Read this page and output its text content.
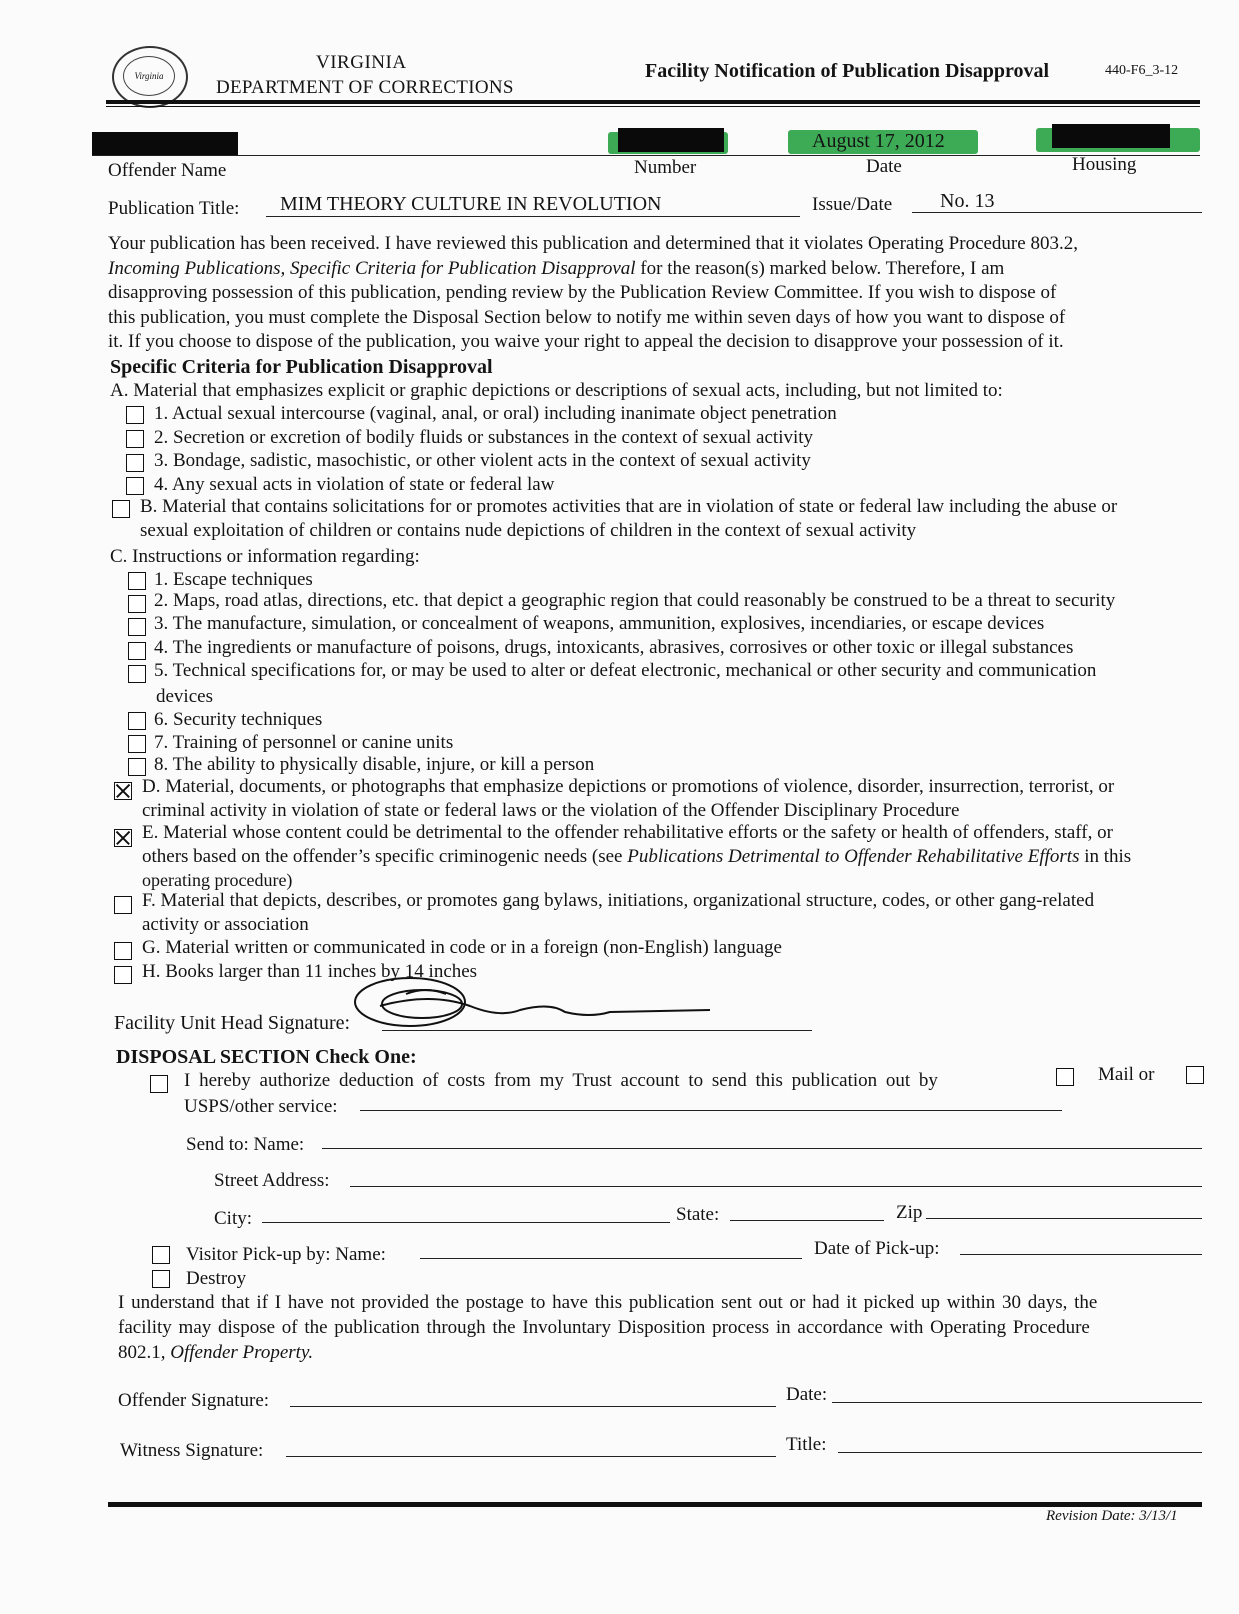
Virginia
VIRGINIA
DEPARTMENT OF CORRECTIONS
Facility Notification of Publication Disapproval	440-F6_3-12
August 17, 2012
Offender Name	Number	Date	Housing
Publication Title: MIM THEORY CULTURE IN REVOLUTION	Issue/Date No. 13

Your publication has been received. I have reviewed this publication and determined that it violates Operating Procedure 803.2,

Incoming Publications, Specific Criteria for Publication Disapproval for the reason(s) marked below. Therefore, I am

disapproving possession of this publication, pending review by the Publication Review Committee. If you wish to dispose of

this publication, you must complete the Disposal Section below to notify me within seven days of how you want to dispose of

it. If you choose to dispose of the publication, you waive your right to appeal the decision to disapprove your possession of it.

Specific Criteria for Publication Disapproval
A. Material that emphasizes explicit or graphic depictions or descriptions of sexual acts, including, but not limited to:
1. Actual sexual intercourse (vaginal, anal, or oral) including inanimate object penetration
2. Secretion or excretion of bodily fluids or substances in the context of sexual activity
3. Bondage, sadistic, masochistic, or other violent acts in the context of sexual activity
4. Any sexual acts in violation of state or federal law
B. Material that contains solicitations for or promotes activities that are in violation of state or federal law including the abuse or
sexual exploitation of children or contains nude depictions of children in the context of sexual activity
C. Instructions or information regarding:
1. Escape techniques
2. Maps, road atlas, directions, etc. that depict a geographic region that could reasonably be construed to be a threat to security
3. The manufacture, simulation, or concealment of weapons, ammunition, explosives, incendiaries, or escape devices
4. The ingredients or manufacture of poisons, drugs, intoxicants, abrasives, corrosives or other toxic or illegal substances
5. Technical specifications for, or may be used to alter or defeat electronic, mechanical or other security and communication
devices
6. Security techniques
7. Training of personnel or canine units
8. The ability to physically disable, injure, or kill a person
D. Material, documents, or photographs that emphasize depictions or promotions of violence, disorder, insurrection, terrorist, or
criminal activity in violation of state or federal laws or the violation of the Offender Disciplinary Procedure
E. Material whose content could be detrimental to the offender rehabilitative efforts or the safety or health of offenders, staff, or
others based on the offender’s specific criminogenic needs (see Publications Detrimental to Offender Rehabilitative Efforts in this
operating procedure)
F. Material that depicts, describes, or promotes gang bylaws, initiations, organizational structure, codes, or other gang-related
activity or association
G. Material written or communicated in code or in a foreign (non-English) language
H. Books larger than 11 inches by 14 inches
Facility Unit Head Signature:
DISPOSAL SECTION Check One:
I hereby authorize deduction of costs from my Trust account to send this publication out by	Mail or
USPS/other service:
Send to: Name:
Street Address:
City:	State:	Zip
Visitor Pick-up by: Name:	Date of Pick-up:
Destroy
I understand that if I have not provided the postage to have this publication sent out or had it picked up within 30 days, the
facility may dispose of the publication through the Involuntary Disposition process in accordance with Operating Procedure
802.1, Offender Property.
Offender Signature:	Date:
Witness Signature:	Title:
Revision Date: 3/13/1
